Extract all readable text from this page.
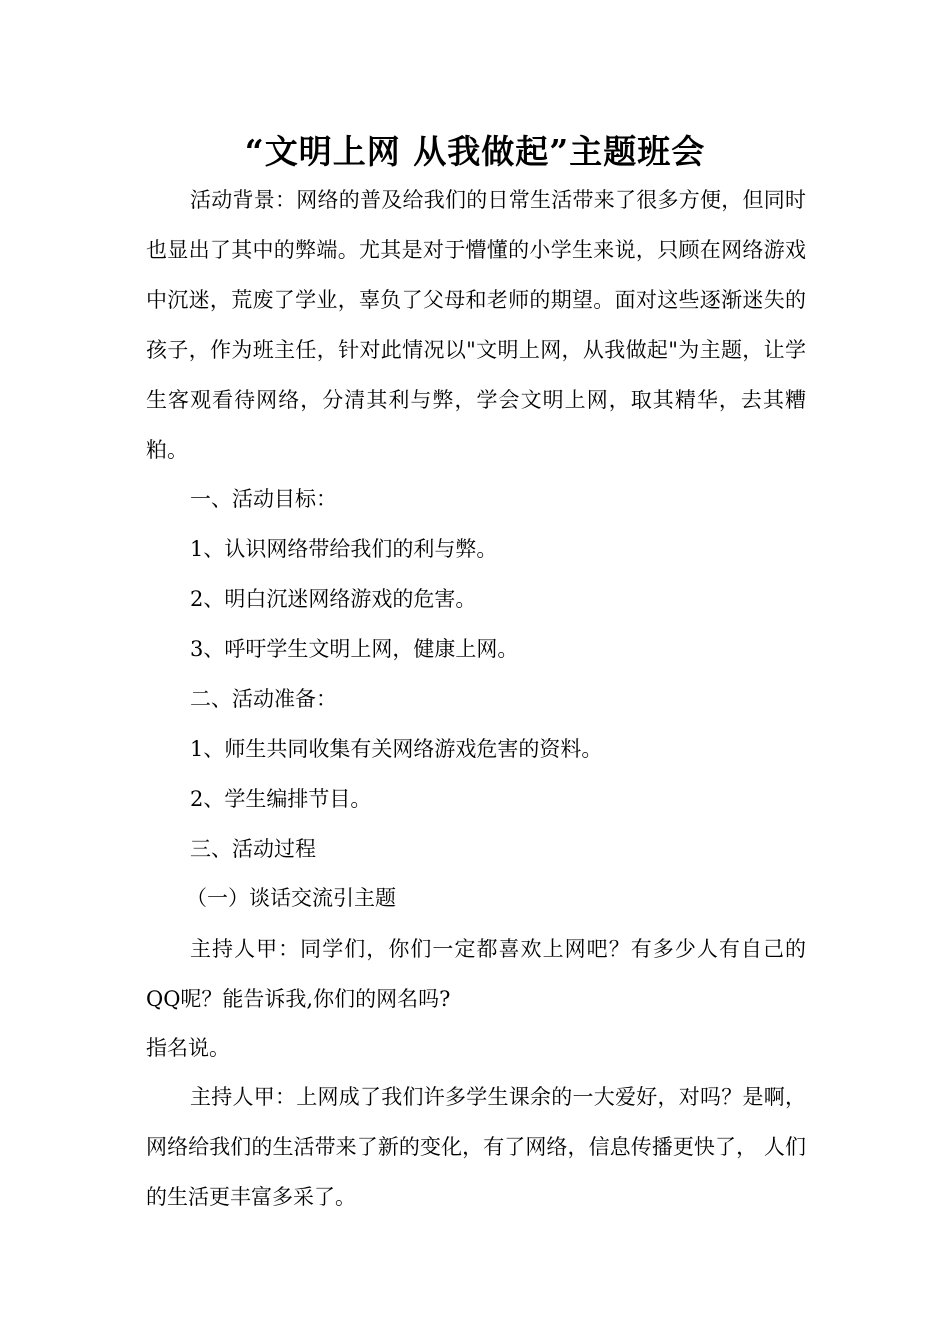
“文明上网 从我做起”主题班会
活动背景：网络的普及给我们的日常生活带来了很多方便，但同时也显出了其中的弊端。尤其是对于懵懂的小学生来说，只顾在网络游戏中沉迷，荒废了学业，辜负了父母和老师的期望。面对这些逐渐迷失的孩子，作为班主任，针对此情况以"文明上网，从我做起"为主题，让学生客观看待网络，分清其利与弊，学会文明上网，取其精华，去其糟粕。
一、活动目标：
1、认识网络带给我们的利与弊。
2、明白沉迷网络游戏的危害。
3、呼吁学生文明上网，健康上网。
二、活动准备：
1、师生共同收集有关网络游戏危害的资料。
2、学生编排节目。
三、活动过程
（一）谈话交流引主题
主持人甲：同学们，你们一定都喜欢上网吧？有多少人有自己的QQ呢？能告诉我,你们的网名吗?
指名说。
主持人甲：上网成了我们许多学生课余的一大爱好，对吗？是啊，网络给我们的生活带来了新的变化，有了网络，信息传播更快了， 人们的生活更丰富多采了。
